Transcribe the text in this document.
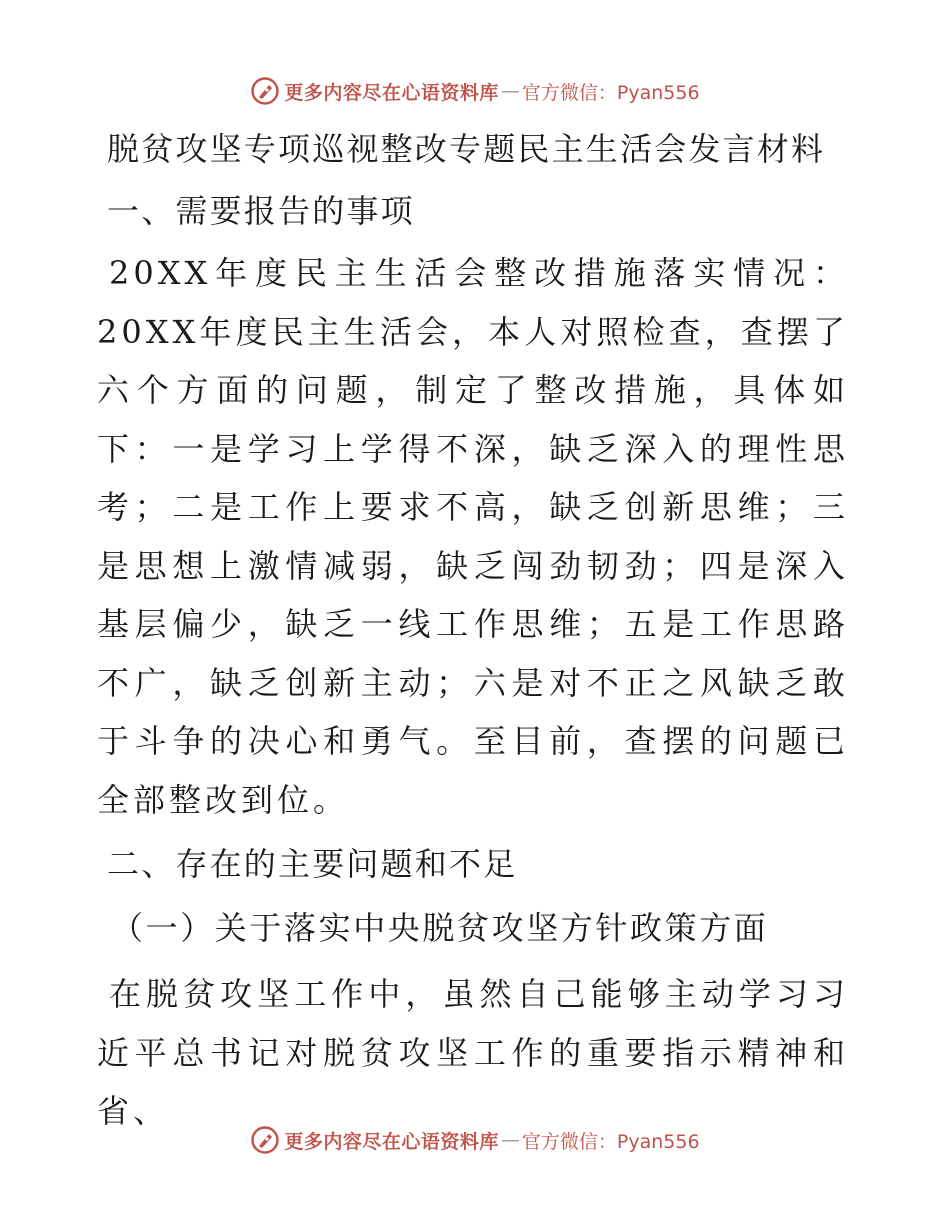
更多内容尽在心语资料库 — 官方微信：Pyan556
脱贫攻坚专项巡视整改专题民主生活会发言材料
一、需要报告的事项

20XX年度民主生活会整改措施落实情况：20XX年度民主生活会，本人对照检查，查摆了六个方面的问题，制定了整改措施，具体如下：一是学习上学得不深，缺乏深入的理性思考；二是工作上要求不高，缺乏创新思维；三是思想上激情减弱，缺乏闯劲韧劲；四是深入基层偏少，缺乏一线工作思维；五是工作思路不广，缺乏创新主动；六是对不正之风缺乏敢于斗争的决心和勇气。至目前，查摆的问题已全部整改到位。

二、存在的主要问题和不足
（一）关于落实中央脱贫攻坚方针政策方面

在脱贫攻坚工作中，虽然自己能够主动学习习近平总书记对脱贫攻坚工作的重要指示精神和省、

更多内容尽在心语资料库 — 官方微信：Pyan556
